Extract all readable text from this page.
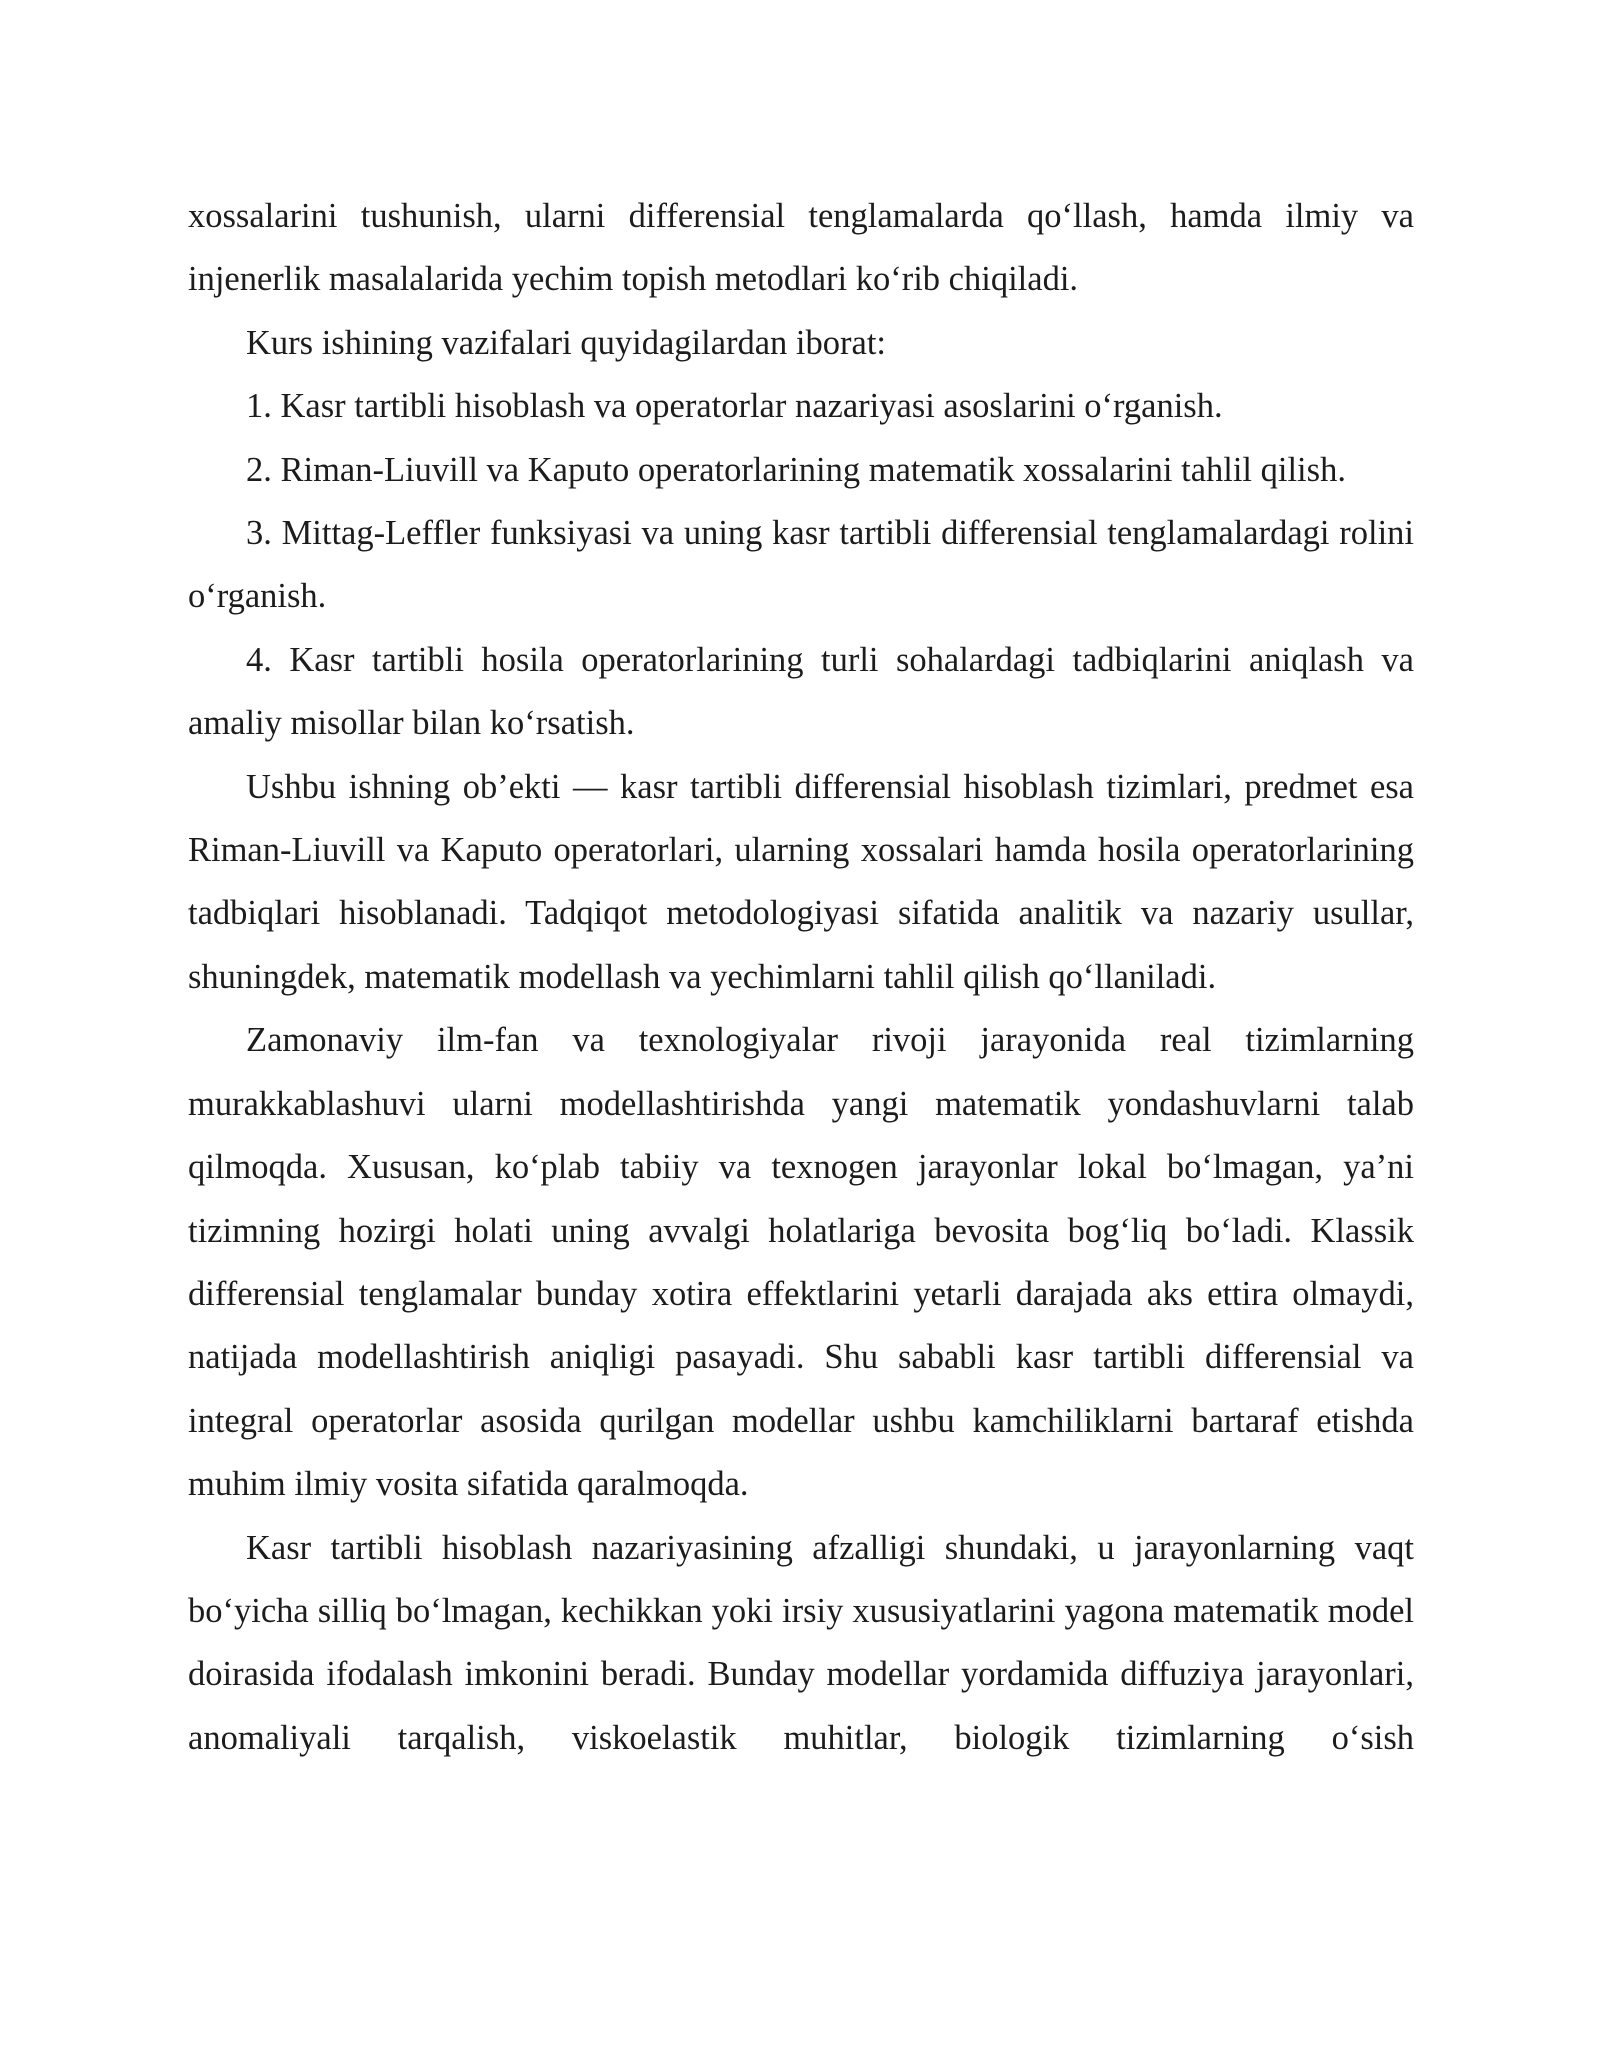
xossalarini tushunish, ularni differensial tenglamalarda qo‘llash, hamda ilmiy va injenerlik masalalarida yechim topish metodlari ko‘rib chiqiladi.

Kurs ishining vazifalari quyidagilardan iborat:

1. Kasr tartibli hisoblash va operatorlar nazariyasi asoslarini o‘rganish.

2. Riman-Liuvill va Kaputo operatorlarining matematik xossalarini tahlil qilish.

3. Mittag-Leffler funksiyasi va uning kasr tartibli differensial tenglamalardagi rolini o‘rganish.

4. Kasr tartibli hosila operatorlarining turli sohalardagi tadbiqlarini aniqlash va amaliy misollar bilan ko‘rsatish.

Ushbu ishning ob’ekti — kasr tartibli differensial hisoblash tizimlari, predmet esa Riman-Liuvill va Kaputo operatorlari, ularning xossalari hamda hosila operatorlarining tadbiqlari hisoblanadi. Tadqiqot metodologiyasi sifatida analitik va nazariy usullar, shuningdek, matematik modellash va yechimlarni tahlil qilish qo‘llaniladi.

Zamonaviy ilm-fan va texnologiyalar rivoji jarayonida real tizimlarning murakkablashuvi ularni modellashtirishda yangi matematik yondashuvlarni talab qilmoqda. Xususan, ko‘plab tabiiy va texnogen jarayonlar lokal bo‘lmagan, ya’ni tizimning hozirgi holati uning avvalgi holatlariga bevosita bog‘liq bo‘ladi. Klassik differensial tenglamalar bunday xotira effektlarini yetarli darajada aks ettira olmaydi, natijada modellashtirish aniqligi pasayadi. Shu sababli kasr tartibli differensial va integral operatorlar asosida qurilgan modellar ushbu kamchiliklarni bartaraf etishda muhim ilmiy vosita sifatida qaralmoqda.

Kasr tartibli hisoblash nazariyasining afzalligi shundaki, u jarayonlarning vaqt bo‘yicha silliq bo‘lmagan, kechikkan yoki irsiy xususiyatlarini yagona matematik model doirasida ifodalash imkonini beradi. Bunday modellar yordamida diffuziya jarayonlari, anomaliyali tarqalish, viskoelastik muhitlar, biologik tizimlarning o‘sish
